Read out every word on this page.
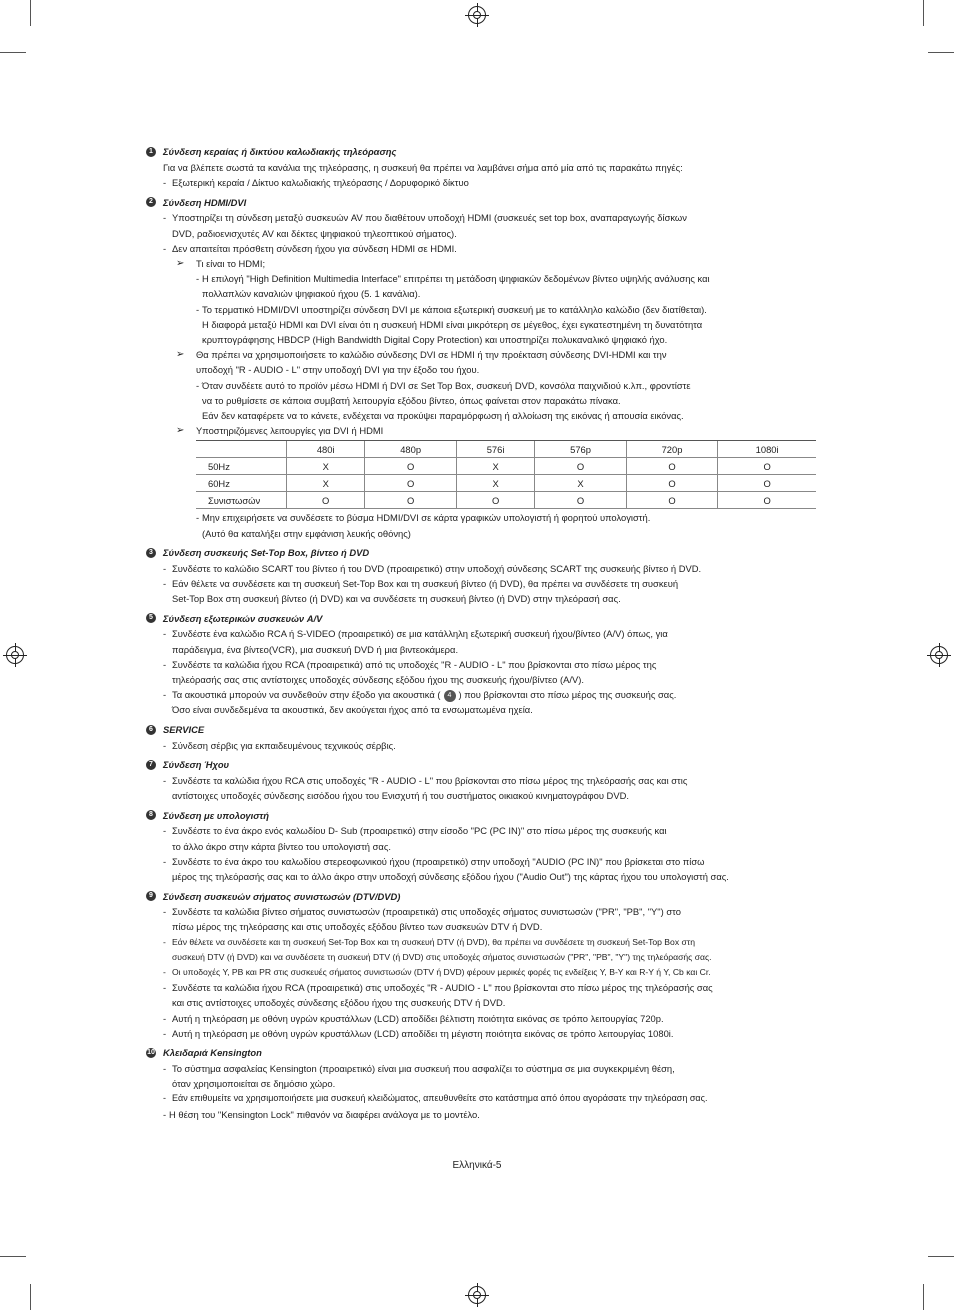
1	Σύνδεση κεραίας ή δικτύου καλωδιακής τηλεόρασης
Για να βλέπετε σωστά τα κανάλια της τηλεόρασης, η συσκευή θα πρέπει να λαμβάνει σήμα από μία από τις παρακάτω πηγές:
- Εξωτερική κεραία / Δίκτυο καλωδιακής τηλεόρασης / Δορυφορικό δίκτυο
2	Σύνδεση HDMI/DVI
- Υποστηρίζει τη σύνδεση μεταξύ συσκευών AV που διαθέτουν υποδοχή HDMI (συσκευές set top box, αναπαραγωγής δίσκων
DVD, ραδιοενισχυτές AV και δέκτες ψηφιακού τηλεοπτικού σήματος).
- Δεν απαιτείται πρόσθετη σύνδεση ήχου για σύνδεση HDMI σε HDMI.
➢	Τι είναι το HDMI;
- Η επιλογή "High Definition Multimedia Interface" επιτρέπει τη μετάδοση ψηφιακών δεδομένων βίντεο υψηλής ανάλυσης και
πολλαπλών καναλιών ψηφιακού ήχου (5. 1 κανάλια).
- Το τερματικό HDMI/DVI υποστηρίζει σύνδεση DVI με κάποια εξωτερική συσκευή με το κατάλληλο καλώδιο (δεν διατίθεται).
Η διαφορά μεταξύ HDMI και DVI είναι ότι η συσκευή HDMI είναι μικρότερη σε μέγεθος, έχει εγκατεστημένη τη δυνατότητα
κρυπτογράφησης HBDCP (High Bandwidth Digital Copy Protection) και υποστηρίζει πολυκαναλικό ψηφιακό ήχο.
➢	Θα πρέπει να χρησιμοποιήσετε το καλώδιο σύνδεσης DVI σε HDMI ή την προέκταση σύνδεσης DVI-HDMI και την
υποδοχή "R - AUDIO - L" στην υποδοχή DVI για την έξοδο του ήχου.
- Όταν συνδέετε αυτό το προϊόν μέσω HDMI ή DVI σε Set Top Box, συσκευή DVD, κονσόλα παιχνιδιού κ.λπ., φροντίστε
να το ρυθμίσετε σε κάποια συμβατή λειτουργία εξόδου βίντεο, όπως φαίνεται στον παρακάτω πίνακα.
Εάν δεν καταφέρετε να το κάνετε, ενδέχεται να προκύψει παραμόρφωση ή αλλοίωση της εικόνας ή απουσία εικόνας.
➢	Υποστηριζόμενες λειτουργίες για DVI ή HDMI
	480i	480p	576i	576p	720p	1080i
50Hz	X	O	X	O	O	O
60Hz	X	O	X	X	O	O
Συνιστωσών	O	O	O	O	O	O
- Μην επιχειρήσετε να συνδέσετε το βύσμα HDMI/DVI σε κάρτα γραφικών υπολογιστή ή φορητού υπολογιστή.
(Αυτό θα καταλήξει στην εμφάνιση λευκής οθόνης)
3	Σύνδεση συσκευής Set-Top Box, βίντεο ή DVD
- Συνδέστε το καλώδιο SCART του βίντεο ή του DVD (προαιρετικό) στην υποδοχή σύνδεσης SCART της συσκευής βίντεο ή DVD.
- Εάν θέλετε να συνδέσετε και τη συσκευή Set-Top Box και τη συσκευή βίντεο (ή DVD), θα πρέπει να συνδέσετε τη συσκευή
Set-Top Box στη συσκευή βίντεο (ή DVD) και να συνδέσετε τη συσκευή βίντεο (ή DVD) στην τηλεόρασή σας.
5	Σύνδεση εξωτερικών συσκευών A/V
- Συνδέστε ένα καλώδιο RCA ή S-VIDEO (προαιρετικό) σε μια κατάλληλη εξωτερική συσκευή ήχου/βίντεο (A/V) όπως, για
παράδειγμα, ένα βίντεο(VCR), μια συσκευή DVD ή μια βιντεοκάμερα.
- Συνδέστε τα καλώδια ήχου RCA (προαιρετικά) από τις υποδοχές "R - AUDIO - L" που βρίσκονται στο πίσω μέρος της
τηλεόρασής σας στις αντίστοιχες υποδοχές σύνδεσης εξόδου ήχου της συσκευής ήχου/βίντεο (A/V).
- Τα ακουστικά μπορούν να συνδεθούν στην έξοδο για ακουστικά ( 4 ) που βρίσκονται στο πίσω μέρος της συσκευής σας.
Όσο είναι συνδεδεμένα τα ακουστικά, δεν ακούγεται ήχος από τα ενσωματωμένα ηχεία.
6	SERVICE
- Σύνδεση σέρβις για εκπαιδευμένους τεχνικούς σέρβις.
7	Σύνδεση Ήχου
- Συνδέστε τα καλώδια ήχου RCA στις υποδοχές "R - AUDIO - L" που βρίσκονται στο πίσω μέρος της τηλεόρασής σας και στις
αντίστοιχες υποδοχές σύνδεσης εισόδου ήχου του Ενισχυτή ή του συστήματος οικιακού κινηματογράφου DVD.
8	Σύνδεση με υπολογιστή
- Συνδέστε το ένα άκρο ενός καλωδίου D- Sub (προαιρετικό) στην είσοδο "PC (PC IN)" στο πίσω μέρος της συσκευής και
το άλλο άκρο στην κάρτα βίντεο του υπολογιστή σας.
- Συνδέστε το ένα άκρο του καλωδίου στερεοφωνικού ήχου (προαιρετικό) στην υποδοχή "AUDIO (PC IN)" που βρίσκεται στο πίσω
μέρος της τηλεόρασής σας και το άλλο άκρο στην υποδοχή σύνδεσης εξόδου ήχου ("Audio Out") της κάρτας ήχου του υπολογιστή σας.
9	Σύνδεση συσκευών σήματος συνιστωσών (DTV/DVD)
- Συνδέστε τα καλώδια βίντεο σήματος συνιστωσών (προαιρετικά) στις υποδοχές σήματος συνιστωσών ("PR", "PB", "Y") στο
πίσω μέρος της τηλεόρασης και στις υποδοχές εξόδου βίντεο των συσκευών DTV ή DVD.
- Εάν θέλετε να συνδέσετε και τη συσκευή Set-Top Box και τη συσκευή DTV (ή DVD), θα πρέπει να συνδέσετε τη συσκευή Set-Top Box στη
συσκευή DTV (ή DVD) και να συνδέσετε τη συσκευή DTV (ή DVD) στις υποδοχές σήματος συνιστωσών ("PR", "PB", "Y") της τηλεόρασής σας.
- Οι υποδοχές Y, PB και PR στις συσκευές σήματος συνιστωσών (DTV ή DVD) φέρουν μερικές φορές τις ενδείξεις Y, B-Y και R-Y ή Y, Cb και Cr.
- Συνδέστε τα καλώδια ήχου RCA (προαιρετικά) στις υποδοχές "R - AUDIO - L" που βρίσκονται στο πίσω μέρος της τηλεόρασής σας
και στις αντίστοιχες υποδοχές σύνδεσης εξόδου ήχου της συσκευής DTV ή DVD.
- Αυτή η τηλεόραση με οθόνη υγρών κρυστάλλων (LCD) αποδίδει βέλτιστη ποιότητα εικόνας σε τρόπο λειτουργίας 720p.
- Αυτή η τηλεόραση με οθόνη υγρών κρυστάλλων (LCD) αποδίδει τη μέγιστη ποιότητα εικόνας σε τρόπο λειτουργίας 1080i.
10 Κλειδαριά Kensington
- Το σύστημα ασφαλείας Kensington (προαιρετικό) είναι μια συσκευή που ασφαλίζει το σύστημα σε μια συγκεκριμένη θέση,
όταν χρησιμοποιείται σε δημόσιο χώρο.
- Εάν επιθυμείτε να χρησιμοποιήσετε μια συσκευή κλειδώματος, απευθυνθείτε στο κατάστημα από όπου αγοράσατε την τηλεόραση σας.
- Η θέση του "Kensington Lock" πιθανόν να διαφέρει ανάλογα με το μοντέλο.
Ελληνικά-5
